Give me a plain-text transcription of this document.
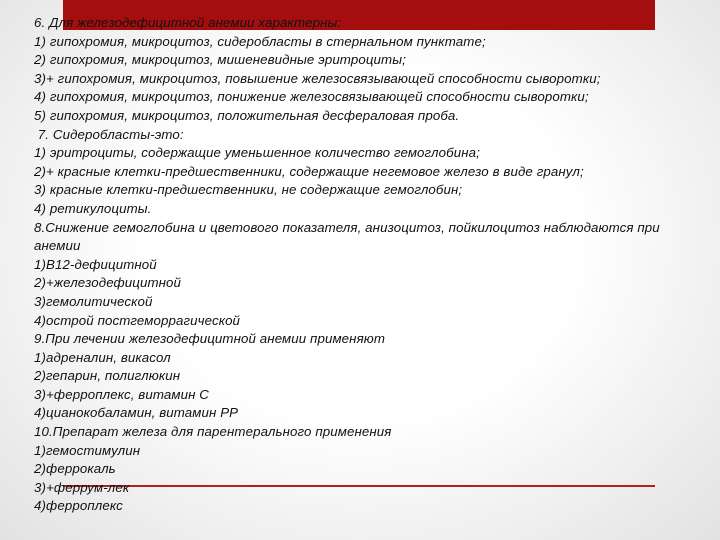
6. Для железодефицитной анемии характерны:
1) гипохромия, микроцитоз, сидеробласты в стернальном пунктате;
2) гипохромия, микроцитоз, мишеневидные эритроциты;
3)+ гипохромия, микроцитоз, повышение железосвязывающей способности сыворотки;
4) гипохромия, микроцитоз, понижение железосвязывающей способности сыворотки;
5) гипохромия, микроцитоз, положительная десфераловая проба.
7. Сидеробласты-это:
1) эритроциты, содержащие уменьшенное количество гемоглобина;
2)+ красные клетки-предшественники, содержащие негемовое железо в виде гранул;
3) красные клетки-предшественники, не содержащие гемоглобин;
4) ретикулоциты.
8.Снижение гемоглобина и цветового показателя, анизоцитоз, пойкилоцитоз наблюдаются при анемии
1)B12-дефицитной
2)+железодефицитной
3)гемолитической
4)острой постгеморрагической
9.При лечении железодефицитной анемии применяют
1)адреналин, викасол
2)гепарин, полиглюкин
3)+ферроплекс, витамин С
4)цианокобаламин, витамин РР
10.Препарат железа для парентерального применения
1)гемостимулин
2)феррокаль
3)+феррум-лек
4)ферроплекс
